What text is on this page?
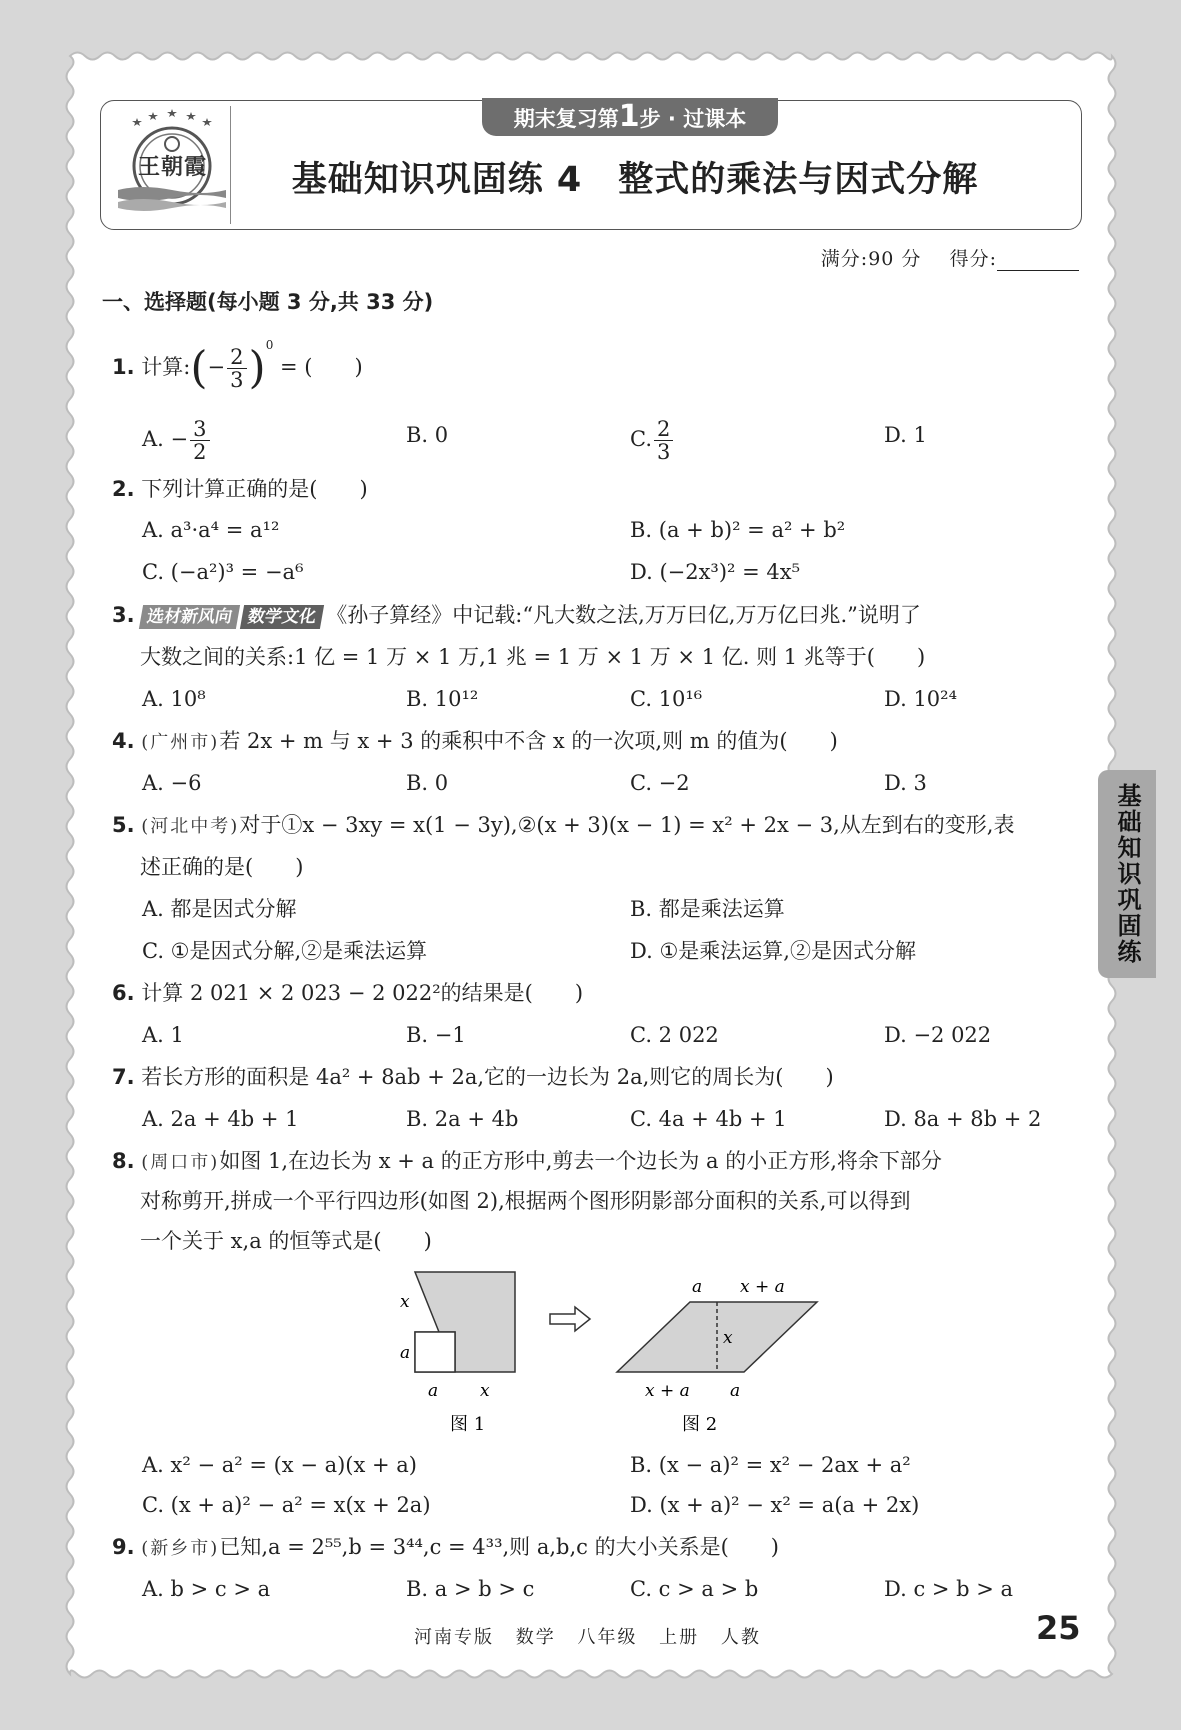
王朝霞
期末复习第1步 · 过课本
基础知识巩固练 4　整式的乘法与因式分解
满分:90 分 得分:
一、选择题(每小题 3 分,共 33 分)
1. 计算:(− $\frac{2}{3} )^0$ = (　　)
A. − $\frac{3}{2}$	B. 0	C. $\frac{2}{3}$	D. 1
2. 下列计算正确的是(　　)
A. a³·a⁴ = a¹²	B. (a + b)² = a² + b²
C. (−a²)³ = −a⁶	D. (−2x³)² = 4x⁵
3. 选材新风向 数学文化 《孙子算经》中记载:“凡大数之法,万万曰亿,万万亿曰兆.”说明了
大数之间的关系:1 亿 = 1 万 × 1 万,1 兆 = 1 万 × 1 万 × 1 亿. 则 1 兆等于(　　)
A. 10⁸	B. 10¹²	C. 10¹⁶	D. 10²⁴
4. (广州市)若 2x + m 与 x + 3 的乘积中不含 x 的一次项,则 m 的值为(　　)
A. −6	B. 0	C. −2	D. 3
5. (河北中考)对于①x − 3xy = x(1 − 3y),②(x + 3)(x − 1) = x² + 2x − 3,从左到右的变形,表
述正确的是(　　)
A. 都是因式分解	B. 都是乘法运算
C. ①是因式分解,②是乘法运算	D. ①是乘法运算,②是因式分解
6. 计算 2 021 × 2 023 − 2 022²的结果是(　　)
A. 1	B. −1	C. 2 022	D. −2 022
7. 若长方形的面积是 4a² + 8ab + 2a,它的一边长为 2a,则它的周长为(　　)
A. 2a + 4b + 1	B. 2a + 4b	C. 4a + 4b + 1	D. 8a + 8b + 2
8. (周口市)如图 1,在边长为 x + a 的正方形中,剪去一个边长为 a 的小正方形,将余下部分
对称剪开,拼成一个平行四边形(如图 2),根据两个图形阴影部分面积的关系,可以得到
一个关于 x,a 的恒等式是(　　)
x
a
a x
a x + a
x
x + a a
图 1	图 2
A. x² − a² = (x − a)(x + a)	B. (x − a)² = x² − 2ax + a²
C. (x + a)² − a² = x(x + 2a)	D. (x + a)² − x² = a(a + 2x)
9. (新乡市)已知,a = 2⁵⁵,b = 3⁴⁴,c = 4³³,则 a,b,c 的大小关系是(　　)
A. b > c > a	B. a > b > c	C. c > a > b	D. c > b > a
基础知识巩固练
河南专版 数学 八年级 上册 人教	25
